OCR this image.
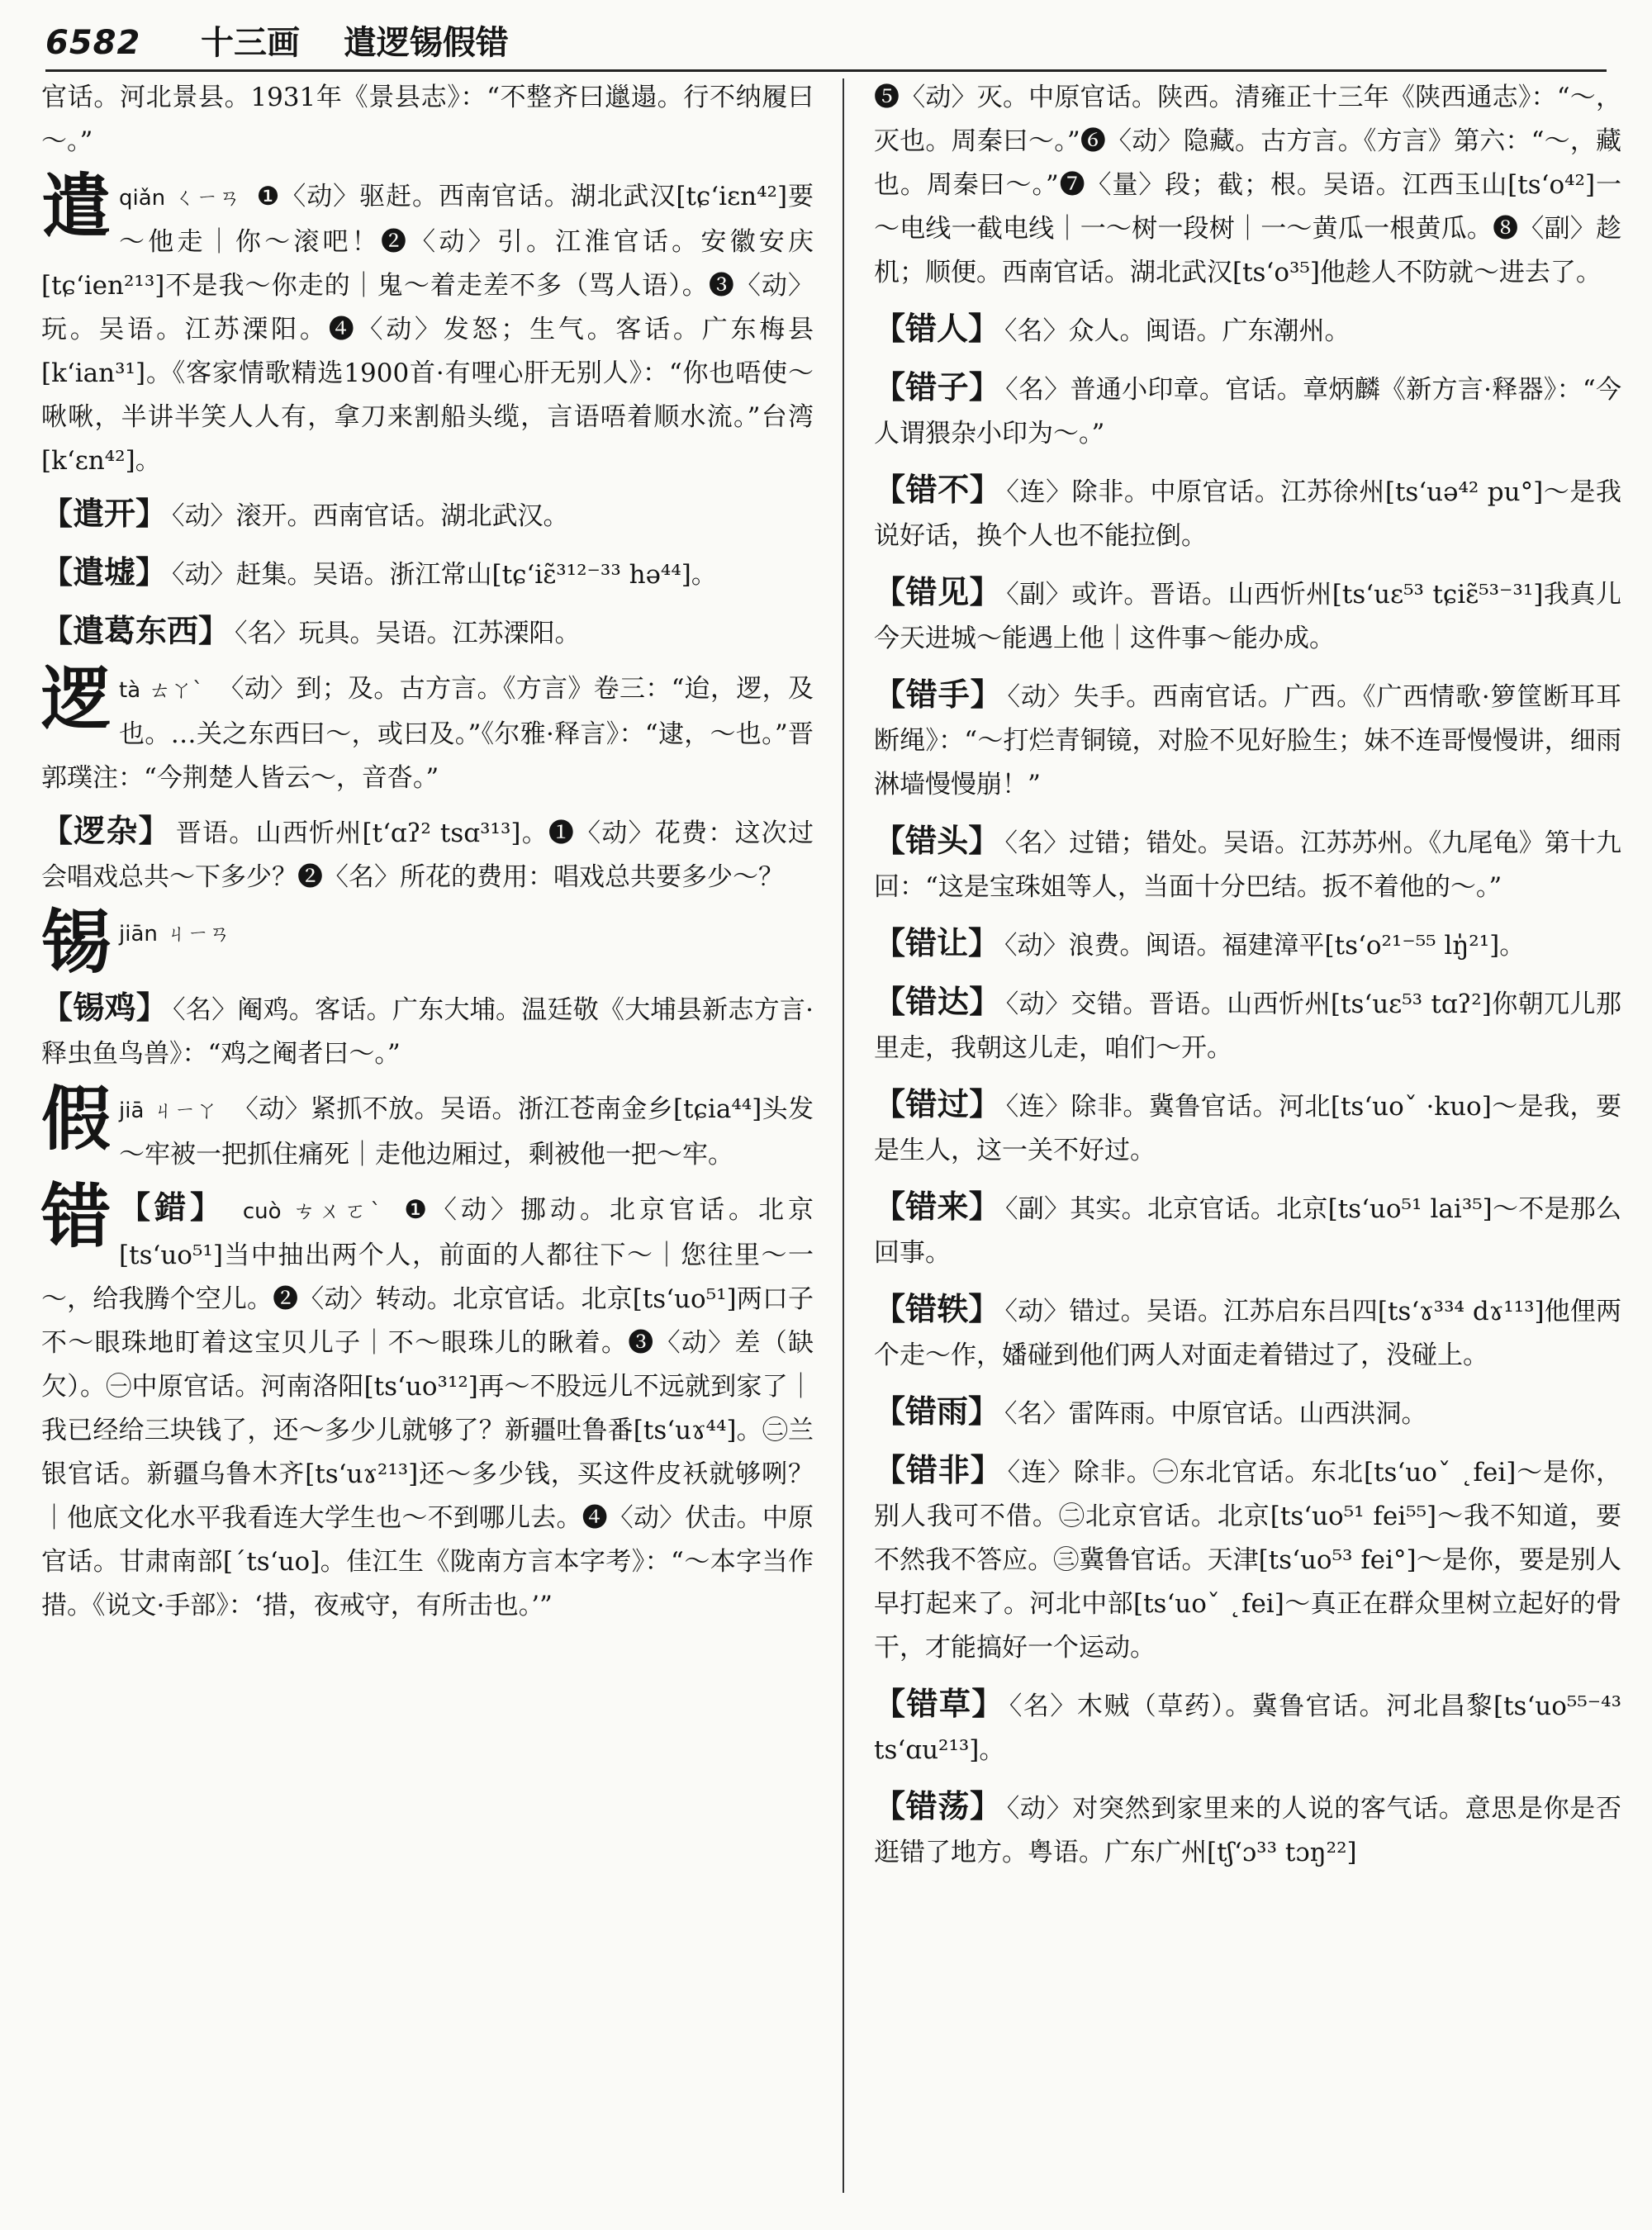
6582 十三画 遣逻锡假错

官话。河北景县。1931年《景县志》：“不整齐曰邋遢。行不纳履曰～。”

遣 qiǎn ㄑㄧㄢ ❶〈动〉驱赶。西南官话。湖北武汉[tɕʻiɛn⁴²]要～他走｜你～滚吧！❷〈动〉引。江淮官话。安徽安庆[tɕʻien²¹³]不是我～你走的｜鬼～着走差不多（骂人语）。❸〈动〉玩。吴语。江苏溧阳。❹〈动〉发怒；生气。客话。广东梅县[kʻian³¹]。《客家情歌精选1900首·有哩心肝无别人》：“你也唔使～啾啾，半讲半笑人人有，拿刀来割船头缆，言语唔着顺水流。”台湾[kʻɛn⁴²]。

【遣开】 〈动〉滚开。西南官话。湖北武汉。

【遣墟】 〈动〉赶集。吴语。浙江常山[tɕʻiɛ̃³¹²⁻³³ hə⁴⁴]。

【遣葛东西】 〈名〉玩具。吴语。江苏溧阳。

逻 tà ㄊㄚˋ 〈动〉到；及。古方言。《方言》卷三：“迨，逻，及也。…关之东西曰～，或曰及。”《尔雅·释言》：“逮，～也。”晋郭璞注：“今荆楚人皆云～，音沓。”

【逻杂】 晋语。山西忻州[tʻɑʔ² tsɑ³¹³]。❶〈动〉花费：这次过会唱戏总共～下多少？❷〈名〉所花的费用：唱戏总共要多少～？

锡 jiān ㄐㄧㄢ

【锡鸡】 〈名〉阉鸡。客话。广东大埔。温廷敬《大埔县新志方言·释虫鱼鸟兽》：“鸡之阉者曰～。”

假 jiā ㄐㄧㄚ 〈动〉紧抓不放。吴语。浙江苍南金乡[tɕia⁴⁴]头发～牢被一把抓住痛死｜走他边厢过，剩被他一把～牢。

错 【錯】 cuò ㄘㄨㄛˋ ❶〈动〉挪动。北京官话。北京[tsʻuo⁵¹]当中抽出两个人，前面的人都往下～｜您往里～一～，给我腾个空儿。❷〈动〉转动。北京官话。北京[tsʻuo⁵¹]两口子不～眼珠地盯着这宝贝儿子｜不～眼珠儿的瞅着。❸〈动〉差（缺欠）。㊀中原官话。河南洛阳[tsʻuo³¹²]再～不股远儿不远就到家了｜我已经给三块钱了，还～多少儿就够了？新疆吐鲁番[tsʻuɤ⁴⁴]。㊁兰银官话。新疆乌鲁木齐[tsʻuɤ²¹³]还～多少钱，买这件皮袄就够咧？｜他底文化水平我看连大学生也～不到哪儿去。❹〈动〉伏击。中原官话。甘肃南部[ˊtsʻuo]。佳江生《陇南方言本字考》：“～本字当作措。《说文·手部》：‘措，夜戒守，有所击也。’”

❺〈动〉灭。中原官话。陕西。清雍正十三年《陕西通志》：“～，灭也。周秦曰～。”❻〈动〉隐藏。古方言。《方言》第六：“～，藏也。周秦曰～。”❼〈量〉段；截；根。吴语。江西玉山[tsʻo⁴²]一～电线一截电线｜一～树一段树｜一～黄瓜一根黄瓜。❽〈副〉趁机；顺便。西南官话。湖北武汉[tsʻo³⁵]他趁人不防就～进去了。

【错人】 〈名〉众人。闽语。广东潮州。

【错子】 〈名〉普通小印章。官话。章炳麟《新方言·释器》：“今人谓猥杂小印为～。”

【错不】 〈连〉除非。中原官话。江苏徐州[tsʻuə⁴² pu°]～是我说好话，换个人也不能拉倒。

【错见】 〈副〉或许。晋语。山西忻州[tsʻuɛ⁵³ tɕiɛ̃⁵³⁻³¹]我真儿今天进城～能遇上他｜这件事～能办成。

【错手】 〈动〉失手。西南官话。广西。《广西情歌·箩筐断耳耳断绳》：“～打烂青铜镜，对脸不见好脸生；妹不连哥慢慢讲，细雨淋墙慢慢崩！”

【错头】 〈名〉过错；错处。吴语。江苏苏州。《九尾龟》第十九回：“这是宝珠姐等人，当面十分巴结。扳不着他的～。”

【错让】 〈动〉浪费。闽语。福建漳平[tsʻo²¹⁻⁵⁵ lŋ̍²¹]。

【错达】 〈动〉交错。晋语。山西忻州[tsʻuɛ⁵³ tɑʔ²]你朝兀儿那里走，我朝这儿走，咱们～开。

【错过】 〈连〉除非。冀鲁官话。河北[tsʻuoˇ ·kuo]～是我，要是生人，这一关不好过。

【错来】 〈副〉其实。北京官话。北京[tsʻuo⁵¹ lai³⁵]～不是那么回事。

【错轶】 〈动〉错过。吴语。江苏启东吕四[tsʻɤ³³⁴ dɤ¹¹³]他俚两个走～作，嬏碰到他们两人对面走着错过了，没碰上。

【错雨】 〈名〉雷阵雨。中原官话。山西洪洞。

【错非】 〈连〉除非。㊀东北官话。东北[tsʻuoˇ ˛fei]～是你，别人我可不借。㊁北京官话。北京[tsʻuo⁵¹ fei⁵⁵]～我不知道，要不然我不答应。㊂冀鲁官话。天津[tsʻuo⁵³ fei°]～是你，要是别人早打起来了。河北中部[tsʻuoˇ ˛fei]～真正在群众里树立起好的骨干，才能搞好一个运动。

【错草】 〈名〉木贼（草药）。冀鲁官话。河北昌黎[tsʻuo⁵⁵⁻⁴³ tsʻɑu²¹³]。

【错荡】 〈动〉对突然到家里来的人说的客气话。意思是你是否逛错了地方。粤语。广东广州[tʃʻɔ³³ tɔŋ²²]
